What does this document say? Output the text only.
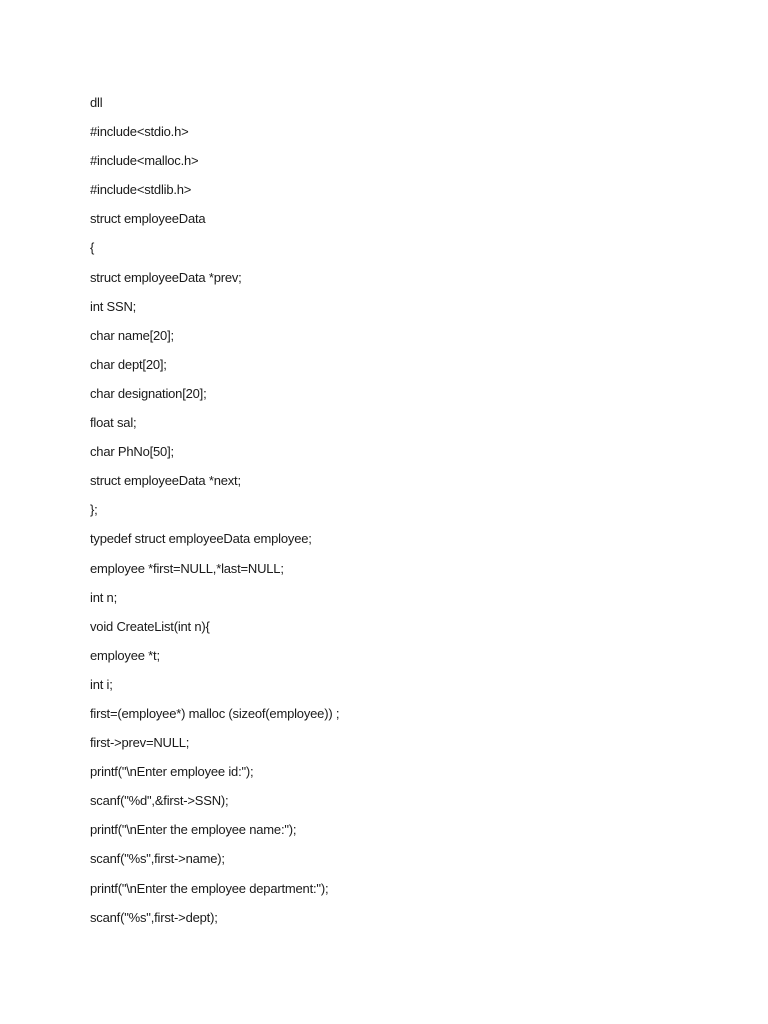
dll
#include<stdio.h>
#include<malloc.h>
#include<stdlib.h>
struct employeeData
{
struct employeeData *prev;
int SSN;
char name[20];
char dept[20];
char designation[20];
float sal;
char PhNo[50];
struct employeeData *next;
};
typedef struct employeeData employee;
employee *first=NULL,*last=NULL;
int n;
void CreateList(int n){
employee *t;
int i;
first=(employee*) malloc (sizeof(employee)) ;
first->prev=NULL;
printf("\nEnter employee id:");
scanf("%d",&first->SSN);
printf("\nEnter the employee name:");
scanf("%s",first->name);
printf("\nEnter the employee department:");
scanf("%s",first->dept);
